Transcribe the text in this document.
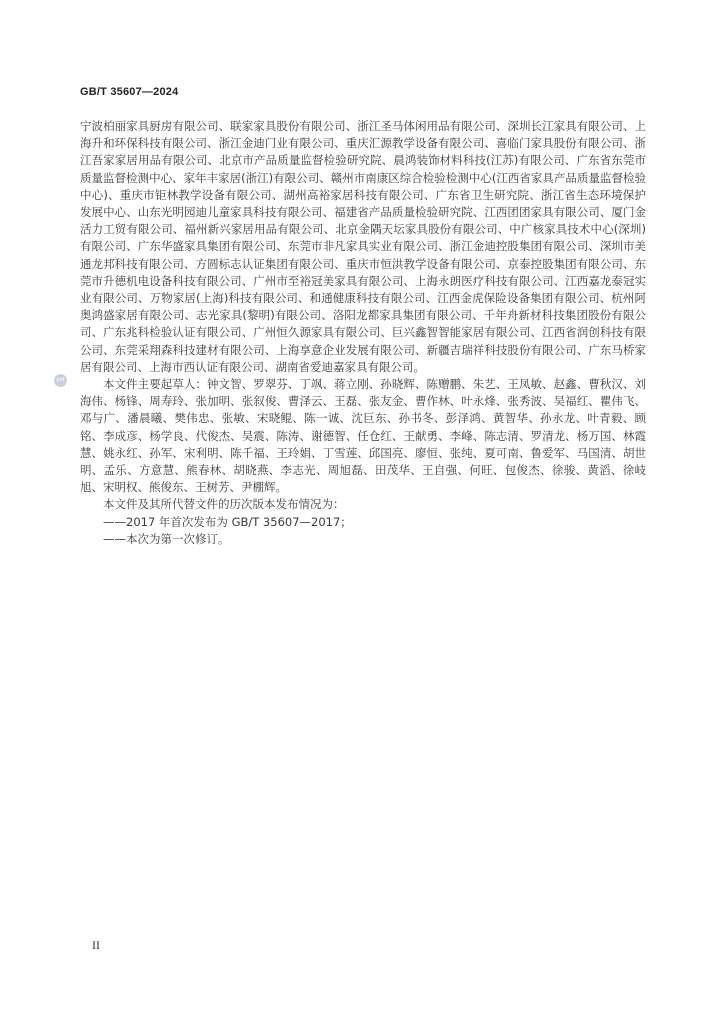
GB/T 35607—2024
pdf

宁波柏丽家具厨房有限公司、联家家具股份有限公司、浙江圣马体闲用品有限公司、深圳长江家具有限公司、上海升和环保科技有限公司、浙江金迪门业有限公司、重庆汇源教学设备有限公司、喜临门家具股份有限公司、浙江吾家家居用品有限公司、北京市产品质量监督检验研究院、晨鸿装饰材料科技(江苏)有限公司、广东省东莞市质量监督检测中心、家年丰家居(浙江)有限公司、赣州市南康区综合检验检测中心(江西省家具产品质量监督检验中心)、重庆市钜林教学设备有限公司、湖州高裕家居科技有限公司、广东省卫生研究院、浙江省生态环境保护发展中心、山东光明园迪儿童家具科技有限公司、福建省产品质量检验研究院、江西团团家具有限公司、厦门金活力工贸有限公司、福州新兴家居用品有限公司、北京金隅天坛家具股份有限公司、中广核家具技术中心(深圳)有限公司、广东华盛家具集团有限公司、东莞市非凡家具实业有限公司、浙江金迪控股集团有限公司、深圳市美通龙邦科技有限公司、方圆标志认证集团有限公司、重庆市恒洪教学设备有限公司、京泰控股集团有限公司、东莞市升德机电设备科技有限公司、广州市至裕冠美家具有限公司、上海永朗医疗科技有限公司、江西嘉龙泰冠实业有限公司、万物家居(上海)科技有限公司、和通健康科技有限公司、江西金虎保险设备集团有限公司、杭州阿奥鸿盛家居有限公司、志光家具(黎明)有限公司、洛阳龙都家具集团有限公司、千年舟新材科技集团股份有限公司、广东兆科检验认证有限公司、广州恒久源家具有限公司、巨兴鑫智智能家居有限公司、江西省润创科技有限公司、东莞采翔森科技建材有限公司、上海享意企业发展有限公司、新疆吉瑞祥科技股份有限公司、广东马桥家居有限公司、上海市西认证有限公司、湖南省爱迪嘉家具有限公司。

本文件主要起草人：钟文智、罗翠芬、丁飒、蒋立刚、孙晓辉、陈赠鹏、朱艺、王凤敏、赵鑫、曹秋汉、刘海伟、杨锋、周寿玲、张加明、张叙俊、曹泽云、王磊、张友金、曹作林、叶永烽、张秀波、吴福红、瞿伟飞、邓与广、潘晨曦、樊伟忠、张敏、宋晓鲲、陈一诚、沈巨东、孙书冬、彭泽鸿、黄智华、孙永龙、叶青毅、顾铭、李成彦、杨学良、代俊杰、吴震、陈涛、谢德智、任仓红、王献勇、李峰、陈志清、罗清龙、杨万国、林霞慧、姚永红、孙军、宋利明、陈千福、王玲娟、丁雪莲、邱国亮、廖恒、张纯、夏可南、鲁爱军、马国清、胡世明、孟乐、方意慧、熊春林、胡晓燕、李志光、周旭磊、田茂华、王自强、何旺、包俊杰、徐骏、黄滔、徐岐旭、宋明权、熊俊东、王树芳、尹棚辉。

本文件及其所代替文件的历次版本发布情况为：

——2017 年首次发布为 GB/T 35607—2017；

——本次为第一次修订。

II
